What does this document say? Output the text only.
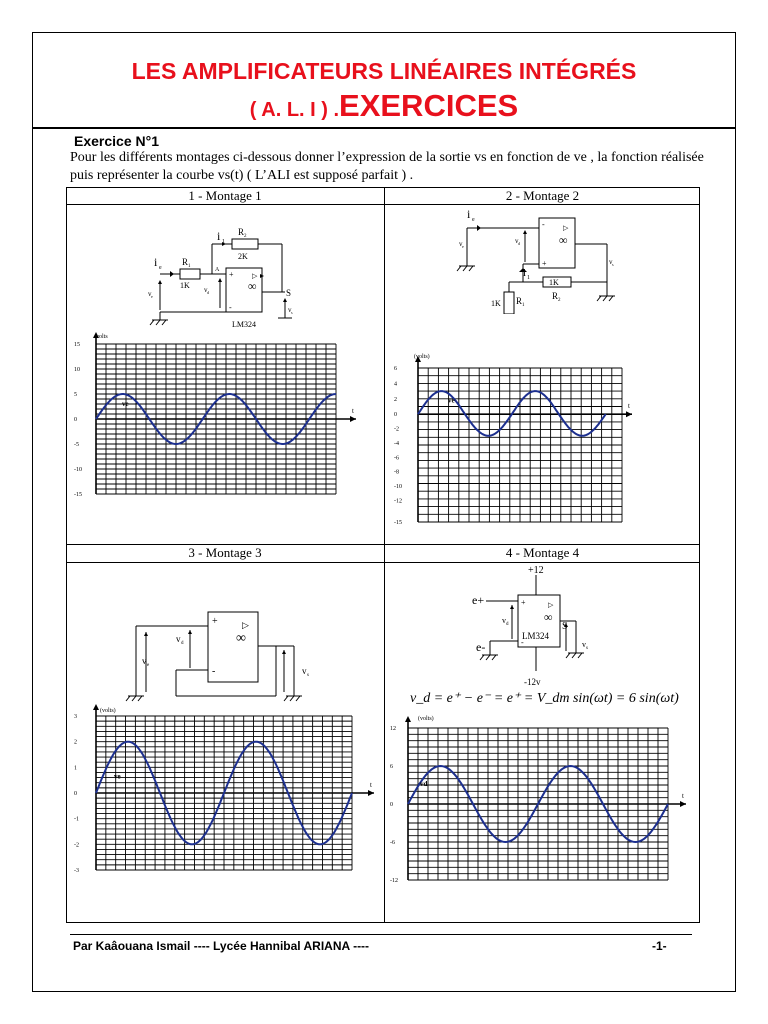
LES AMPLIFICATEURS LINÉAIRES INTÉGRÉS
( A. L. I ) .EXERCICES
Exercice N°1
Pour les différents montages ci-dessous donner l’expression de la sortie vs en fonction de ve , la fonction réalisée puis représenter la courbe vs(t) ( L’ALI est supposé parfait ) .
1 - Montage 1	2 - Montage 2
3 - Montage 3	4 - Montage 4
i e
i 1
R 1
1K
R 2
2K
A +
-
▷
∞	S
v e
v d
v s
LM324
i e
i 1
v e
v d
v s
-
+
▷
∞
1K
R 2
1K R 1
+
-
▷
∞
v e
v d
v s
+12
-12v
e+
e-
+
-
▷
∞
LM324
S
v d
v s
v_d = e⁺ − e⁻ = e⁺ = V_dm sin(ωt) = 6 sin(ωt)
volts
t
15
10
5
0
-5
-10
-15
ve
(volts)
t
6
4
2
0
-2
-4
-6
-8
-10
-12
-15
ve
(volts)
t
3
2
1
0
-1
-2
-3
ve
(volts)
t
12
6
0
-6
-12
vd
Par Kaâouana Ismail ---- Lycée Hannibal ARIANA ----	-1-
